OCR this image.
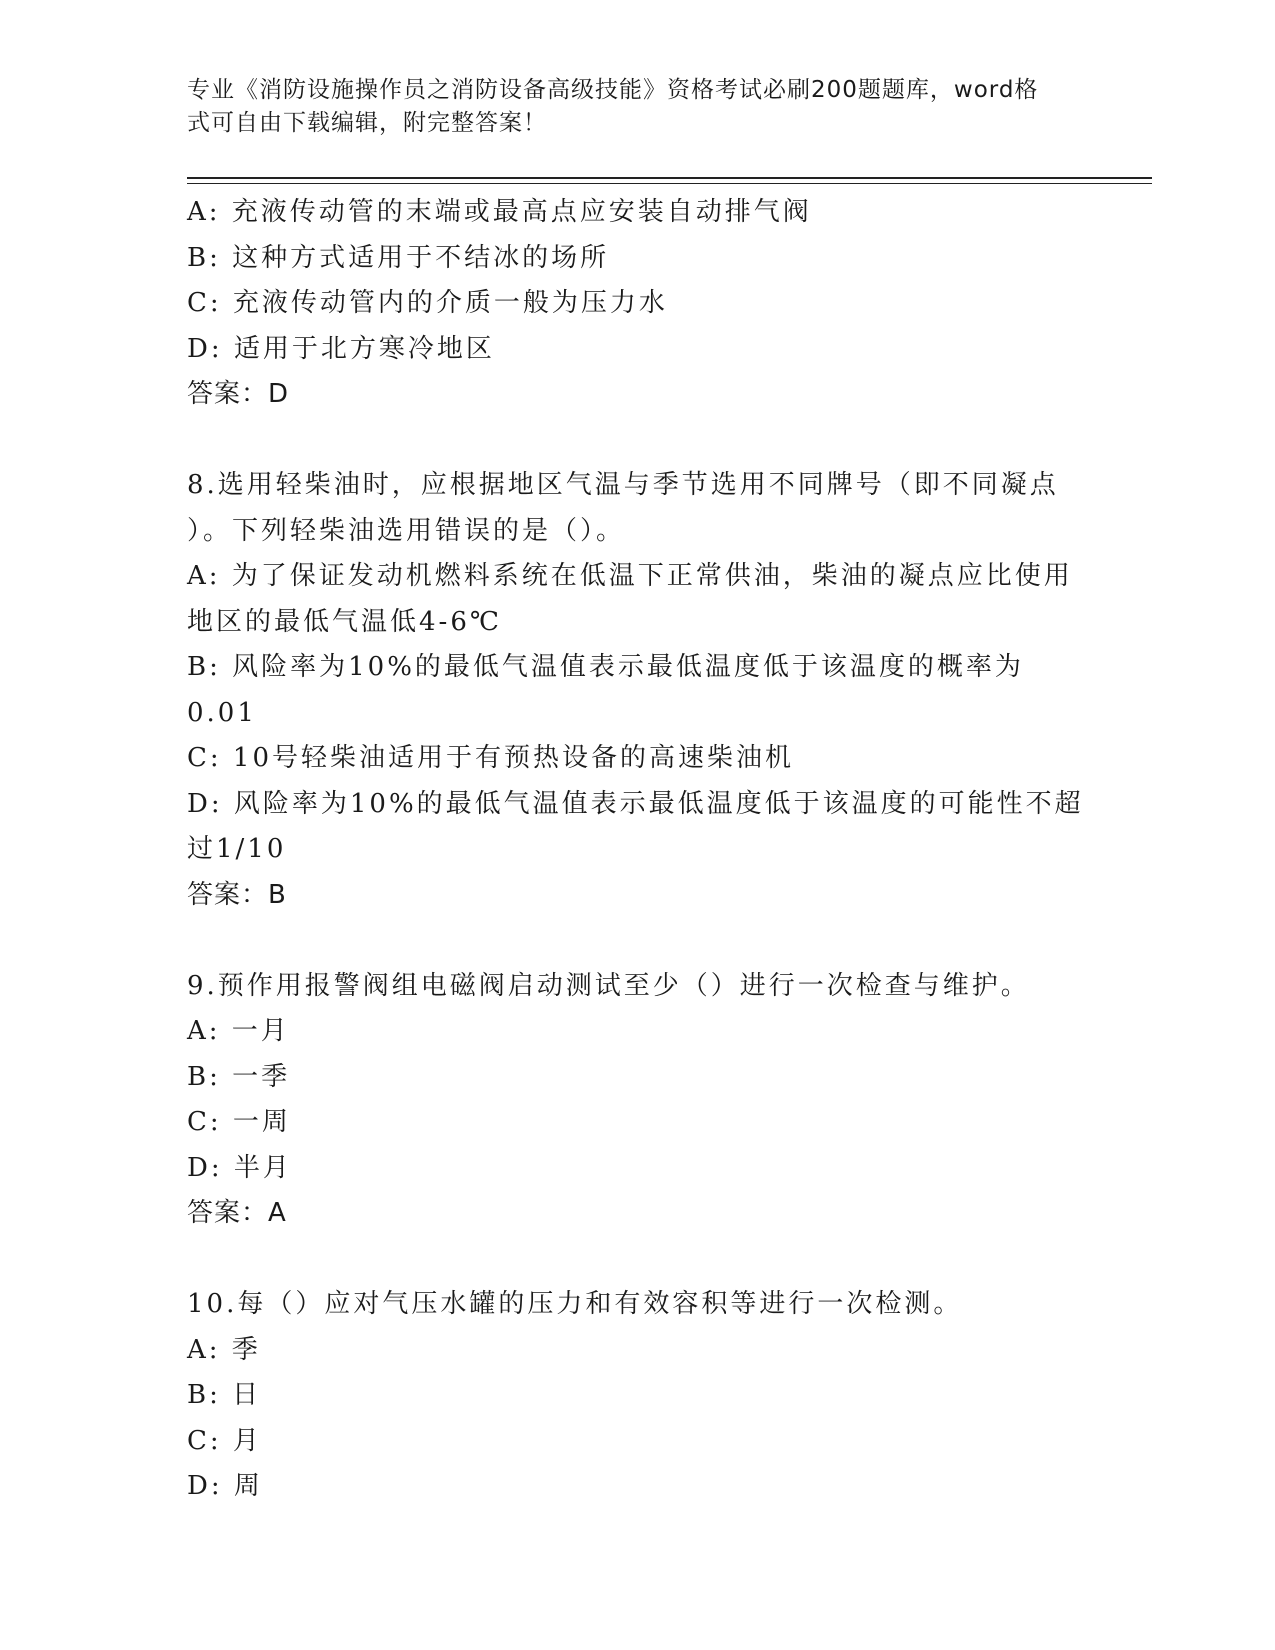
专业《消防设施操作员之消防设备高级技能》资格考试必刷200题题库，word格
式可自由下载编辑，附完整答案！
A: 充液传动管的末端或最高点应安装自动排气阀
B: 这种方式适用于不结冰的场所
C: 充液传动管内的介质一般为压力水
D: 适用于北方寒冷地区
答案：D
8.选用轻柴油时，应根据地区气温与季节选用不同牌号（即不同凝点
）。下列轻柴油选用错误的是（）。
A: 为了保证发动机燃料系统在低温下正常供油，柴油的凝点应比使用
地区的最低气温低4-6℃
B: 风险率为10%的最低气温值表示最低温度低于该温度的概率为0.01
C: 10号轻柴油适用于有预热设备的高速柴油机
D: 风险率为10%的最低气温值表示最低温度低于该温度的可能性不超
过1/10
答案：B
9.预作用报警阀组电磁阀启动测试至少（）进行一次检查与维护。
A: 一月
B: 一季
C: 一周
D: 半月
答案：A
10.每（）应对气压水罐的压力和有效容积等进行一次检测。
A: 季
B: 日
C: 月
D: 周
